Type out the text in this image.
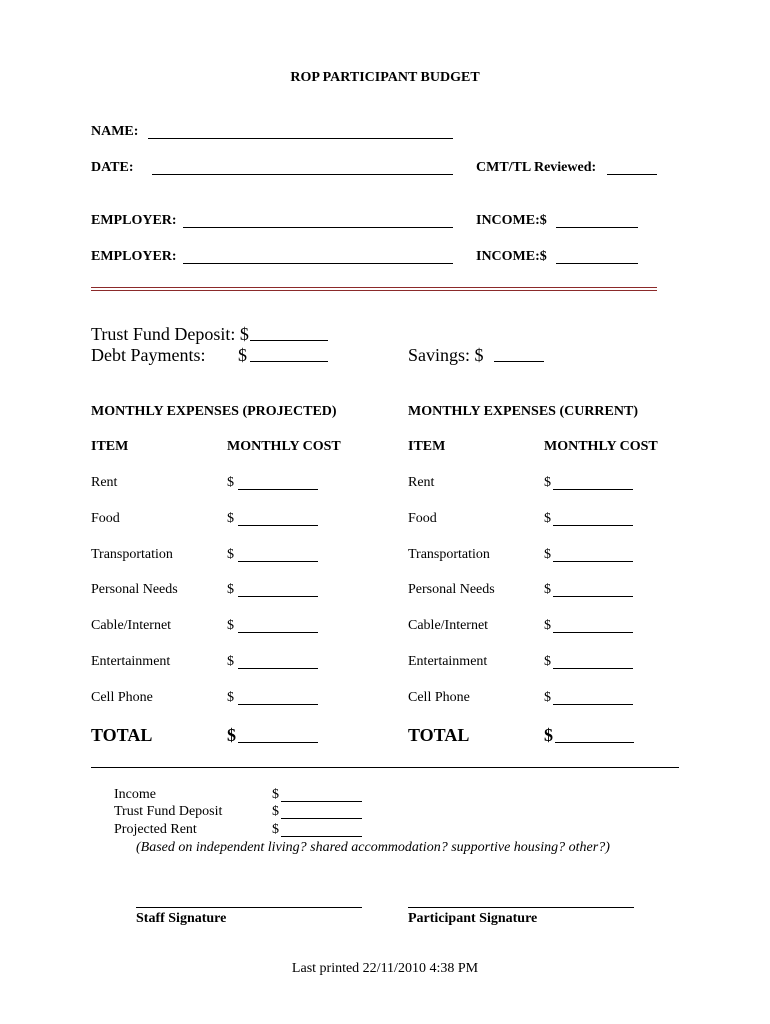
ROP PARTICIPANT BUDGET
NAME:
DATE:	CMT/TL Reviewed:
EMPLOYER:	INCOME:$
EMPLOYER:	INCOME:$
Trust Fund Deposit: $
Debt Payments: $	Savings: $
MONTHLY EXPENSES (PROJECTED)	MONTHLY EXPENSES (CURRENT)
ITEM	MONTHLY COST	ITEM	MONTHLY COST
Rent	$	Rent	$
Food	$	Food	$
Transportation	$	Transportation	$
Personal Needs	$	Personal Needs	$
Cable/Internet	$	Cable/Internet	$
Entertainment	$	Entertainment	$
Cell Phone	$	Cell Phone	$
TOTAL	$	TOTAL	$
Income	$
Trust Fund Deposit	$
Projected Rent	$
(Based on independent living? shared accommodation? supportive housing? other?)
Staff Signature	Participant Signature
Last printed 22/11/2010 4:38 PM
